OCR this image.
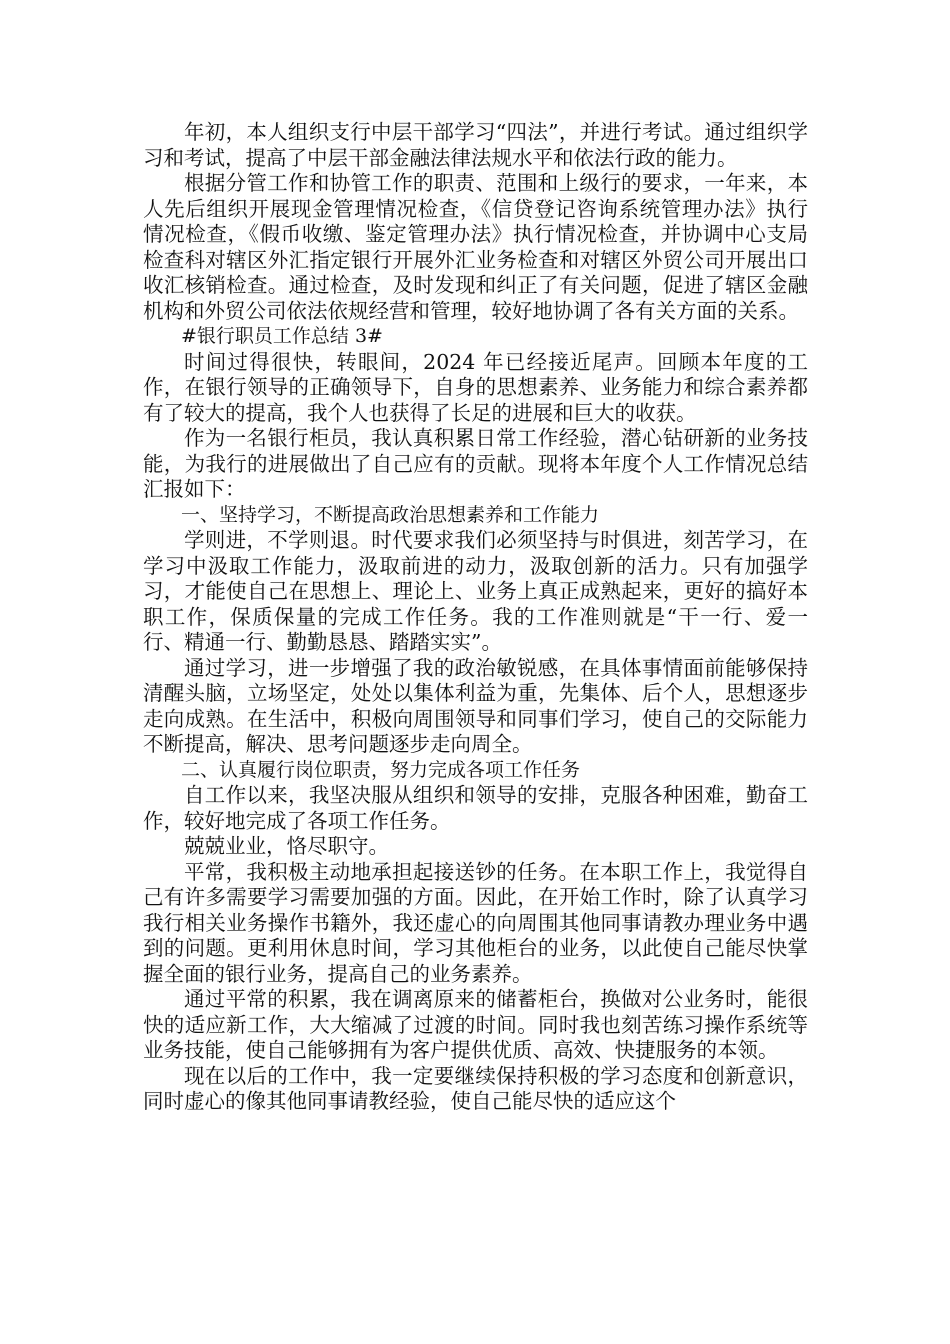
年初，本人组织支行中层干部学习“四法”，并进行考试。通过组织学习和考试，提高了中层干部金融法律法规水平和依法行政的能力。

根据分管工作和协管工作的职责、范围和上级行的要求，一年来，本人先后组织开展现金管理情况检查，《信贷登记咨询系统管理办法》执行情况检查，《假币收缴、鉴定管理办法》执行情况检查，并协调中心支局检查科对辖区外汇指定银行开展外汇业务检查和对辖区外贸公司开展出口收汇核销检查。通过检查，及时发现和纠正了有关问题，促进了辖区金融机构和外贸公司依法依规经营和管理，较好地协调了各有关方面的关系。

#银行职员工作总结 3#

时间过得很快，转眼间，2024 年已经接近尾声。回顾本年度的工作，在银行领导的正确领导下，自身的思想素养、业务能力和综合素养都有了较大的提高，我个人也获得了长足的进展和巨大的收获。

作为一名银行柜员，我认真积累日常工作经验，潜心钻研新的业务技能，为我行的进展做出了自己应有的贡献。现将本年度个人工作情况总结汇报如下：

一、坚持学习，不断提高政治思想素养和工作能力

学则进，不学则退。时代要求我们必须坚持与时俱进，刻苦学习，在学习中汲取工作能力，汲取前进的动力，汲取创新的活力。只有加强学习，才能使自己在思想上、理论上、业务上真正成熟起来，更好的搞好本职工作，保质保量的完成工作任务。我的工作准则就是“干一行、爱一行、精通一行、勤勤恳恳、踏踏实实”。

通过学习，进一步增强了我的政治敏锐感，在具体事情面前能够保持清醒头脑，立场坚定，处处以集体利益为重，先集体、后个人，思想逐步走向成熟。在生活中，积极向周围领导和同事们学习，使自己的交际能力不断提高，解决、思考问题逐步走向周全。

二、认真履行岗位职责，努力完成各项工作任务

自工作以来，我坚决服从组织和领导的安排，克服各种困难，勤奋工作，较好地完成了各项工作任务。

兢兢业业，恪尽职守。

平常，我积极主动地承担起接送钞的任务。在本职工作上，我觉得自己有许多需要学习需要加强的方面。因此，在开始工作时，除了认真学习我行相关业务操作书籍外，我还虚心的向周围其他同事请教办理业务中遇到的问题。更利用休息时间，学习其他柜台的业务，以此使自己能尽快掌握全面的银行业务，提高自己的业务素养。

通过平常的积累，我在调离原来的储蓄柜台，换做对公业务时，能很快的适应新工作，大大缩减了过渡的时间。同时我也刻苦练习操作系统等业务技能，使自己能够拥有为客户提供优质、高效、快捷服务的本领。

现在以后的工作中，我一定要继续保持积极的学习态度和创新意识，同时虚心的像其他同事请教经验，使自己能尽快的适应这个
